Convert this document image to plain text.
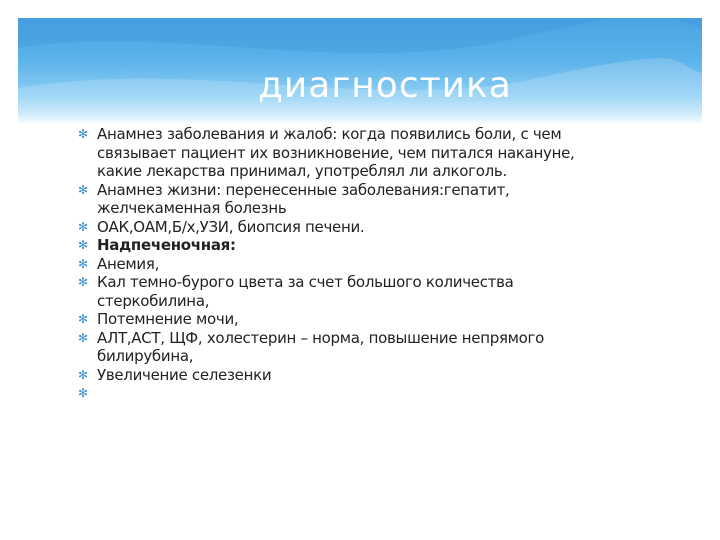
диагностика
✻ Анамнез заболевания и жалоб: когда появились боли, с чем
связывает пациент их возникновение, чем питался накануне,
какие лекарства принимал, употреблял ли алкоголь.
✻ Анамнез жизни: перенесенные заболевания:гепатит,
желчекаменная болезнь
✻ ОАК,ОАМ,Б/х,УЗИ, биопсия печени.
✻ Надпеченочная:
✻ Анемия,
✻ Кал темно-бурого цвета за счет большого количества
стеркобилина,
✻ Потемнение мочи,
✻ АЛТ,АСТ, ЩФ, холестерин – норма, повышение непрямого
билирубина,
✻ Увеличение селезенки
✻
